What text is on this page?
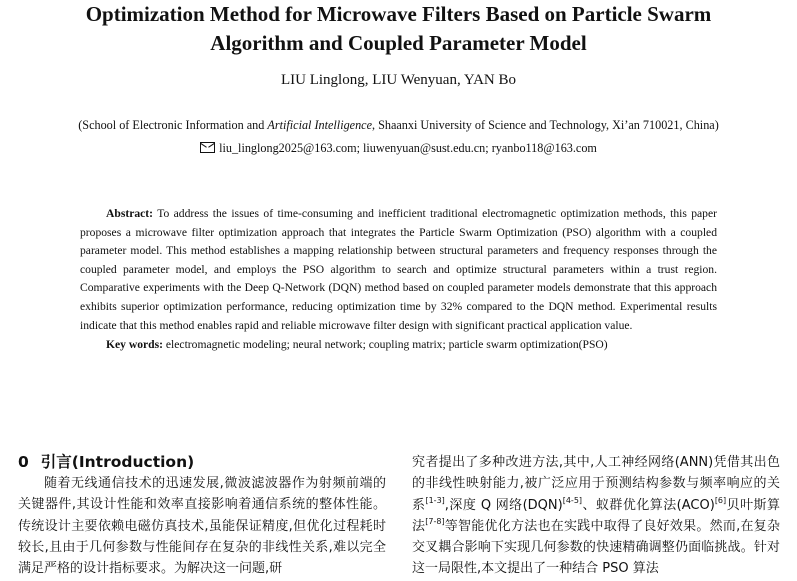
Optimization Method for Microwave Filters Based on Particle Swarm
Algorithm and Coupled Parameter Model
LIU Linglong, LIU Wenyuan, YAN Bo
(School of Electronic Information and Artificial Intelligence, Shaanxi University of Science and Technology, Xi’an 710021, China)
liu_linglong2025@163.com; liuwenyuan@sust.edu.cn; ryanbo118@163.com
Abstract: To address the issues of time-consuming and inefficient traditional electromagnetic optimization methods, this paper proposes a microwave filter optimization approach that integrates the Particle Swarm Optimization (PSO) algorithm with a coupled parameter model. This method establishes a mapping relationship between structural parameters and frequency responses through the coupled parameter model, and employs the PSO algorithm to search and optimize structural parameters within a trust region. Comparative experiments with the Deep Q-Network (DQN) method based on coupled parameter models demonstrate that this approach exhibits superior optimization performance, reducing optimization time by 32% compared to the DQN method. Experimental results indicate that this method enables rapid and reliable microwave filter design with significant practical application value.
Key words: electromagnetic modeling; neural network; coupling matrix; particle swarm optimization(PSO)
0 引言(Introduction)
随着无线通信技术的迅速发展,微波滤波器作为射频前端的关键器件,其设计性能和效率直接影响着通信系统的整体性能。传统设计主要依赖电磁仿真技术,虽能保证精度,但优化过程耗时较长,且由于几何参数与性能间存在复杂的非线性关系,难以完全满足严格的设计指标要求。为解决这一问题,研
究者提出了多种改进方法,其中,人工神经网络(ANN)凭借其出色的非线性映射能力,被广泛应用于预测结构参数与频率响应的关系[1-3],深度 Q 网络(DQN)[4-5]、蚁群优化算法(ACO)[6]贝叶斯算法[7-8]等智能优化方法也在实践中取得了良好效果。然而,在复杂交叉耦合影响下实现几何参数的快速精确调整仍面临挑战。针对这一局限性,本文提出了一种结合 PSO 算法
